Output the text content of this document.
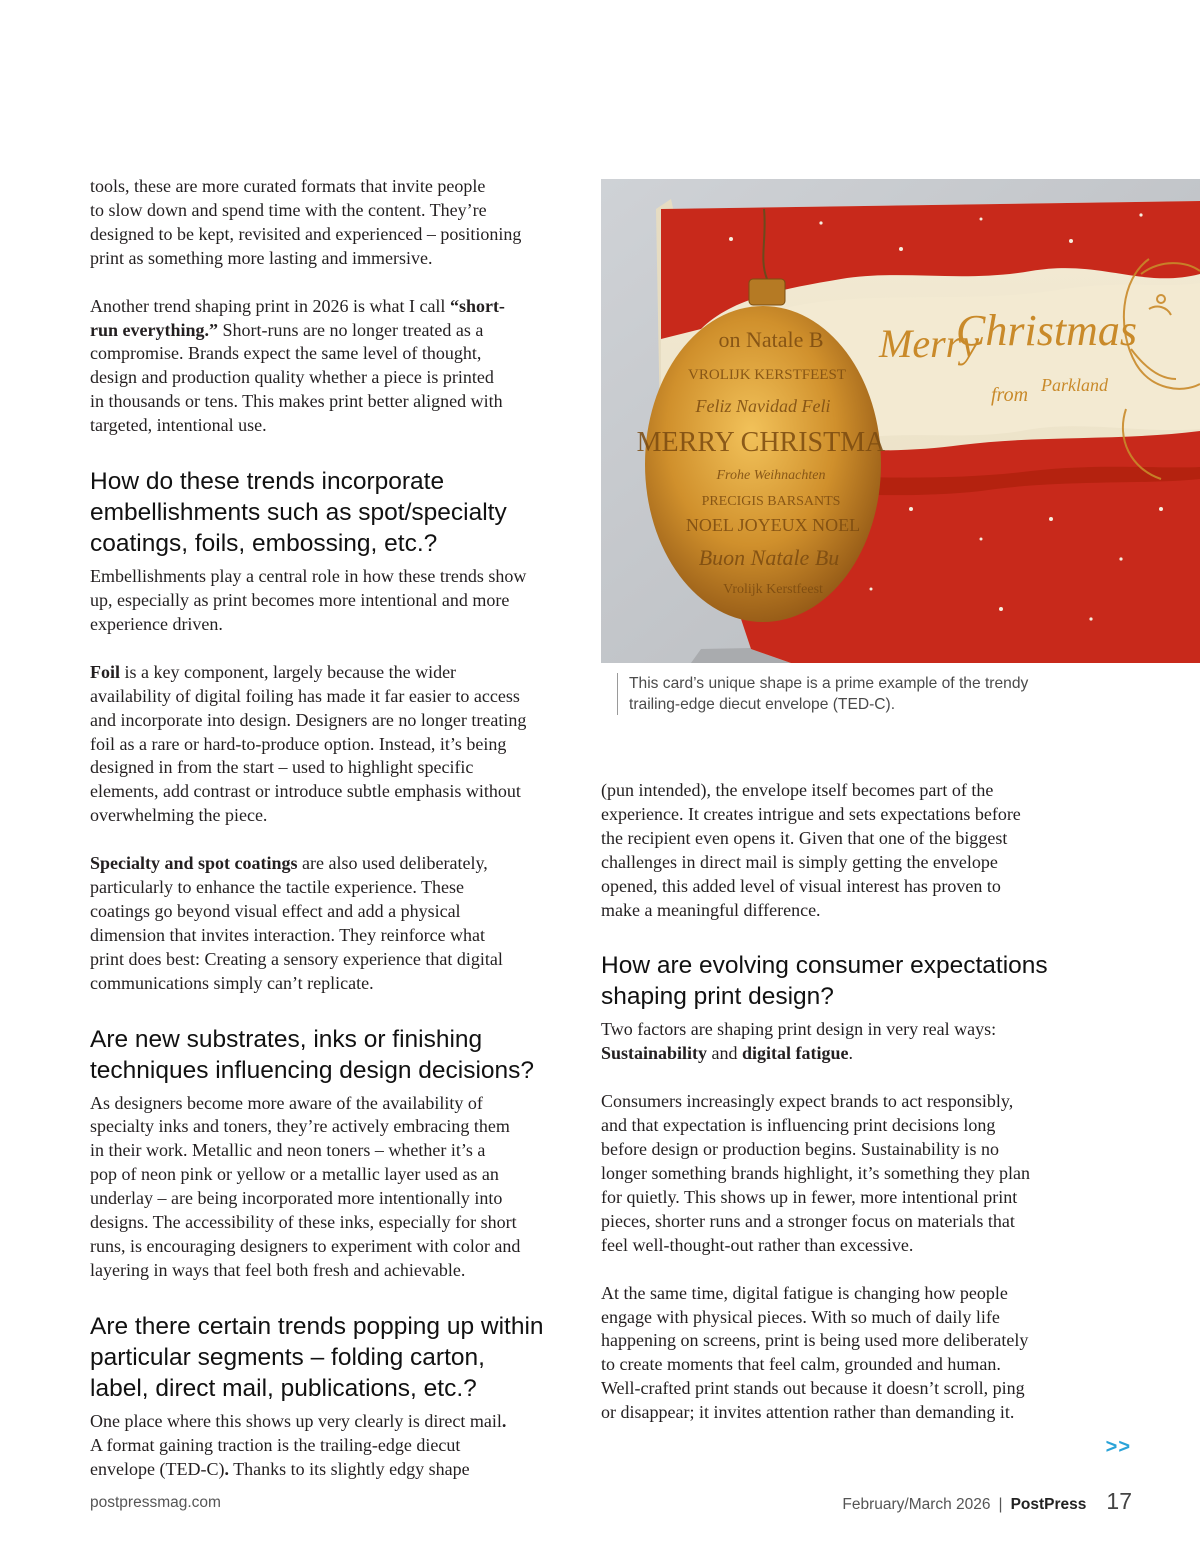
tools, these are more curated formats that invite people
to slow down and spend time with the content. They’re
designed to be kept, revisited and experienced – positioning
print as something more lasting and immersive.

Another trend shaping print in 2026 is what I call “short-
run everything.” Short-runs are no longer treated as a
compromise. Brands expect the same level of thought,
design and production quality whether a piece is printed
in thousands or tens. This makes print better aligned with
targeted, intentional use.

How do these trends incorporate
embellishments such as spot/specialty
coatings, foils, embossing, etc.?

Embellishments play a central role in how these trends show
up, especially as print becomes more intentional and more
experience driven.

Foil is a key component, largely because the wider
availability of digital foiling has made it far easier to access
and incorporate into design. Designers are no longer treating
foil as a rare or hard-to-produce option. Instead, it’s being
designed in from the start – used to highlight specific
elements, add contrast or introduce subtle emphasis without
overwhelming the piece.

Specialty and spot coatings are also used deliberately,
particularly to enhance the tactile experience. These
coatings go beyond visual effect and add a physical
dimension that invites interaction. They reinforce what
print does best: Creating a sensory experience that digital
communications simply can’t replicate.

Are new substrates, inks or finishing
techniques influencing design decisions?

As designers become more aware of the availability of
specialty inks and toners, they’re actively embracing them
in their work. Metallic and neon toners – whether it’s a
pop of neon pink or yellow or a metallic layer used as an
underlay – are being incorporated more intentionally into
designs. The accessibility of these inks, especially for short
runs, is encouraging designers to experiment with color and
layering in ways that feel both fresh and achievable.

Are there certain trends popping up within
particular segments – folding carton,
label, direct mail, publications, etc.?

One place where this shows up very clearly is direct mail.
A format gaining traction is the trailing-edge diecut
envelope (TED-C). Thanks to its slightly edgy shape

Merry
Christmas
from Parkland
on Natale B
VROLIJK KERSTFEEST
Feliz Navidad Feli
MERRY CHRISTMA
Frohe Weihnachten
PRECIGIS BARSANTS
NOEL JOYEUX NOEL
Buon Natale Bu
Vrolijk Kerstfeest
This card’s unique shape is a prime example of the trendy
trailing-edge diecut envelope (TED-C).

(pun intended), the envelope itself becomes part of the
experience. It creates intrigue and sets expectations before
the recipient even opens it. Given that one of the biggest
challenges in direct mail is simply getting the envelope
opened, this added level of visual interest has proven to
make a meaningful difference.

How are evolving consumer expectations
shaping print design?

Two factors are shaping print design in very real ways:
Sustainability and digital fatigue.

Consumers increasingly expect brands to act responsibly,
and that expectation is influencing print decisions long
before design or production begins. Sustainability is no
longer something brands highlight, it’s something they plan
for quietly. This shows up in fewer, more intentional print
pieces, shorter runs and a stronger focus on materials that
feel well-thought-out rather than excessive.

At the same time, digital fatigue is changing how people
engage with physical pieces. With so much of daily life
happening on screens, print is being used more deliberately
to create moments that feel calm, grounded and human.
Well-crafted print stands out because it doesn’t scroll, ping
or disappear; it invites attention rather than demanding it.

>>
postpressmag.com	February/March 2026 | PostPress 17
